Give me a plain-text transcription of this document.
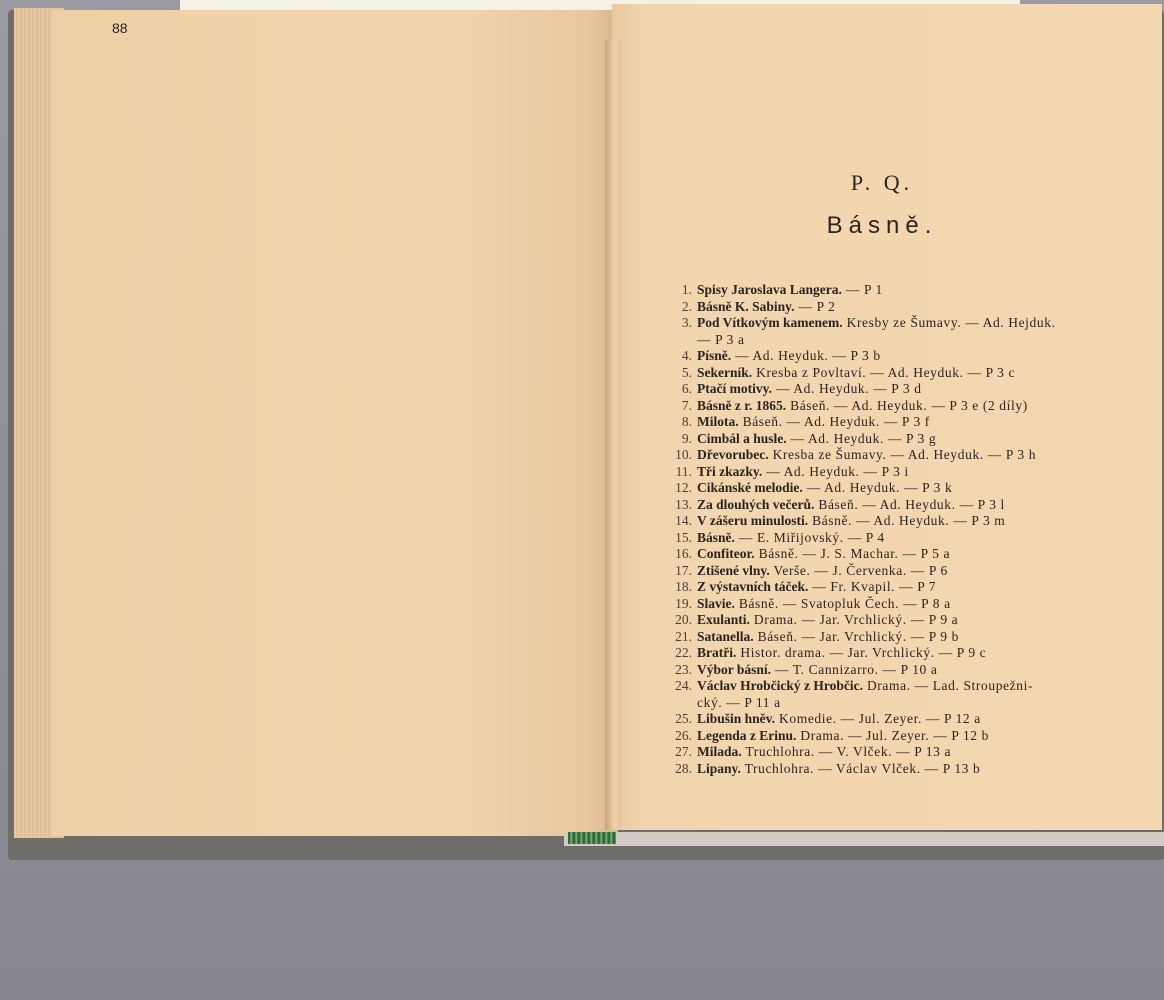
88
P. Q.
Básně.
1. Spisy Jaroslava Langera. — P 1
2. Básně K. Sabiny. — P 2
3. Pod Vítkovým kamenem. Kresby ze Šumavy. — Ad. Hejduk.
— P 3 a
4. Písně. — Ad. Heyduk. — P 3 b
5. Sekerník. Kresba z Povltaví. — Ad. Heyduk. — P 3 c
6. Ptačí motivy. — Ad. Heyduk. — P 3 d
7. Básně z r. 1865. Báseň. — Ad. Heyduk. — P 3 e (2 díly)
8. Milota. Báseň. — Ad. Heyduk. — P 3 f
9. Cimbál a husle. — Ad. Heyduk. — P 3 g
10. Dřevorubec. Kresba ze Šumavy. — Ad. Heyduk. — P 3 h
11. Tři zkazky. — Ad. Heyduk. — P 3 i
12. Cikánské melodie. — Ad. Heyduk. — P 3 k
13. Za dlouhých večerů. Báseň. — Ad. Heyduk. — P 3 l
14. V zášeru minulosti. Básně. — Ad. Heyduk. — P 3 m
15. Básně. — E. Miřijovský. — P 4
16. Confiteor. Básně. — J. S. Machar. — P 5 a
17. Ztišené vlny. Verše. — J. Červenka. — P 6
18. Z výstavních táček. — Fr. Kvapil. — P 7
19. Slavie. Básně. — Svatopluk Čech. — P 8 a
20. Exulanti. Drama. — Jar. Vrchlický. — P 9 a
21. Satanella. Báseň. — Jar. Vrchlický. — P 9 b
22. Bratři. Histor. drama. — Jar. Vrchlický. — P 9 c
23. Výbor básní. — T. Cannizarro. — P 10 a
24. Václav Hrobčický z Hrobčic. Drama. — Lad. Stroupežni-
cký. — P 11 a
25. Libušin hněv. Komedie. — Jul. Zeyer. — P 12 a
26. Legenda z Erinu. Drama. — Jul. Zeyer. — P 12 b
27. Milada. Truchlohra. — V. Vlček. — P 13 a
28. Lipany. Truchlohra. — Václav Vlček. — P 13 b
